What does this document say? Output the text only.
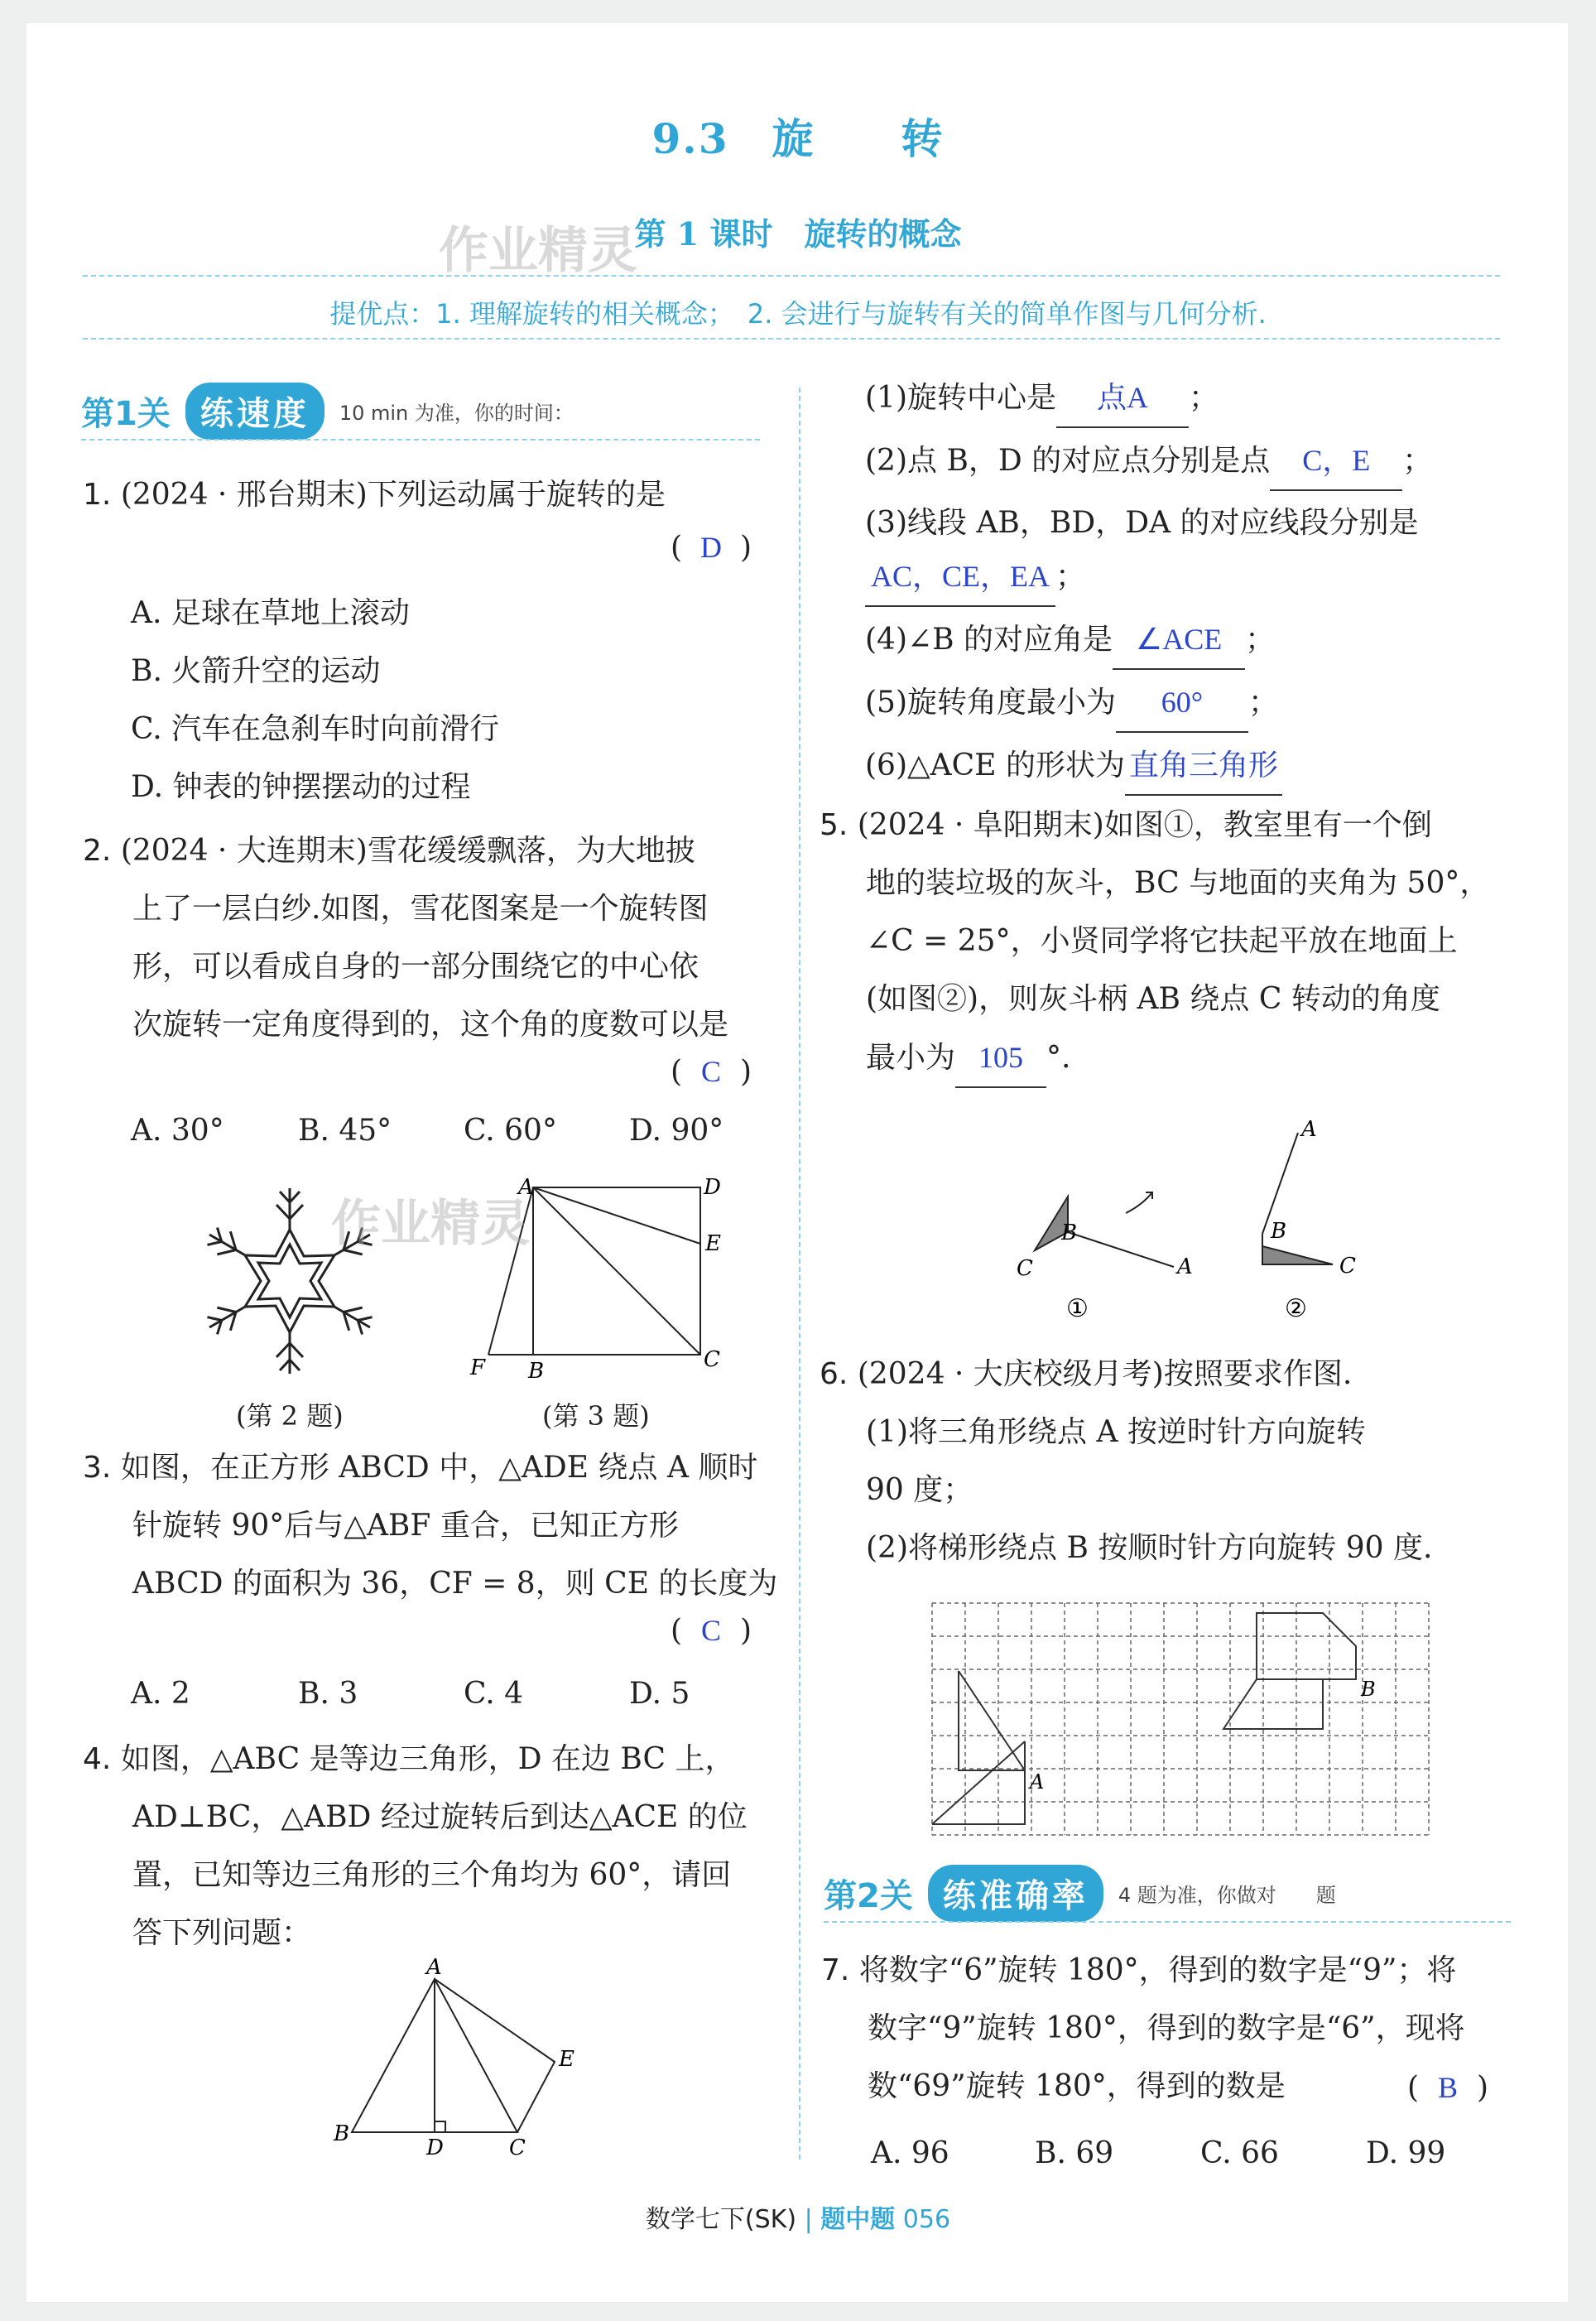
9.3　旋　　转
第 1 课时　旋转的概念
作业精灵
提优点：1. 理解旋转的相关概念；　2. 会进行与旋转有关的简单作图与几何分析.
第1关 练速度	10 min 为准，你的时间：
1. (2024 · 邢台期末)下列运动属于旋转的是
( D )
A. 足球在草地上滚动
B. 火箭升空的运动
C. 汽车在急刹车时向前滑行
D. 钟表的钟摆摆动的过程
2. (2024 · 大连期末)雪花缓缓飘落，为大地披
上了一层白纱.如图，雪花图案是一个旋转图
形，可以看成自身的一部分围绕它的中心依
次旋转一定角度得到的，这个角的度数可以是
( C )
A. 30° B. 45° C. 60° D. 90°
(第 2 题)
A	D
E
F B	C
作业精灵
(第 3 题)
3. 如图，在正方形 ABCD 中，△ADE 绕点 A 顺时
针旋转 90°后与△ABF 重合，已知正方形
ABCD 的面积为 36，CF = 8，则 CE 的长度为
( C )
A. 2	B. 3	C. 4	D. 5
4. 如图，△ABC 是等边三角形，D 在边 BC 上，
AD⊥BC，△ABD 经过旋转后到达△ACE 的位
置，已知等边三角形的三个角均为 60°，请回
答下列问题：
A
B
D	C
E
(1)旋转中心是 点A ；
(2)点 B，D 的对应点分别是点 C，E ；
(3)线段 AB，BD，DA 的对应线段分别是
AC，CE，EA ；
(4)∠B 的对应角是 ∠ACE ；
(5)旋转角度最小为 60° ；
(6)△ACE 的形状为 直角三角形
5. (2024 · 阜阳期末)如图①，教室里有一个倒
地的装垃圾的灰斗，BC 与地面的夹角为 50°，
∠C = 25°，小贤同学将它扶起平放在地面上
(如图②)，则灰斗柄 AB 绕点 C 转动的角度
最小为 105 °.
B
C	A
A
B
C
①	②
6. (2024 · 大庆校级月考)按照要求作图.
(1)将三角形绕点 A 按逆时针方向旋转
90 度；
(2)将梯形绕点 B 按顺时针方向旋转 90 度.
B
A
第2关 练准确率	4 题为准，你做对　　题
7. 将数字“6”旋转 180°，得到的数字是“9”；将
数字“9”旋转 180°，得到的数字是“6”，现将
数“69”旋转 180°，得到的数是	( B )
A. 96	B. 69	C. 66	D. 99
数学七下(SK) | 题中题 056
